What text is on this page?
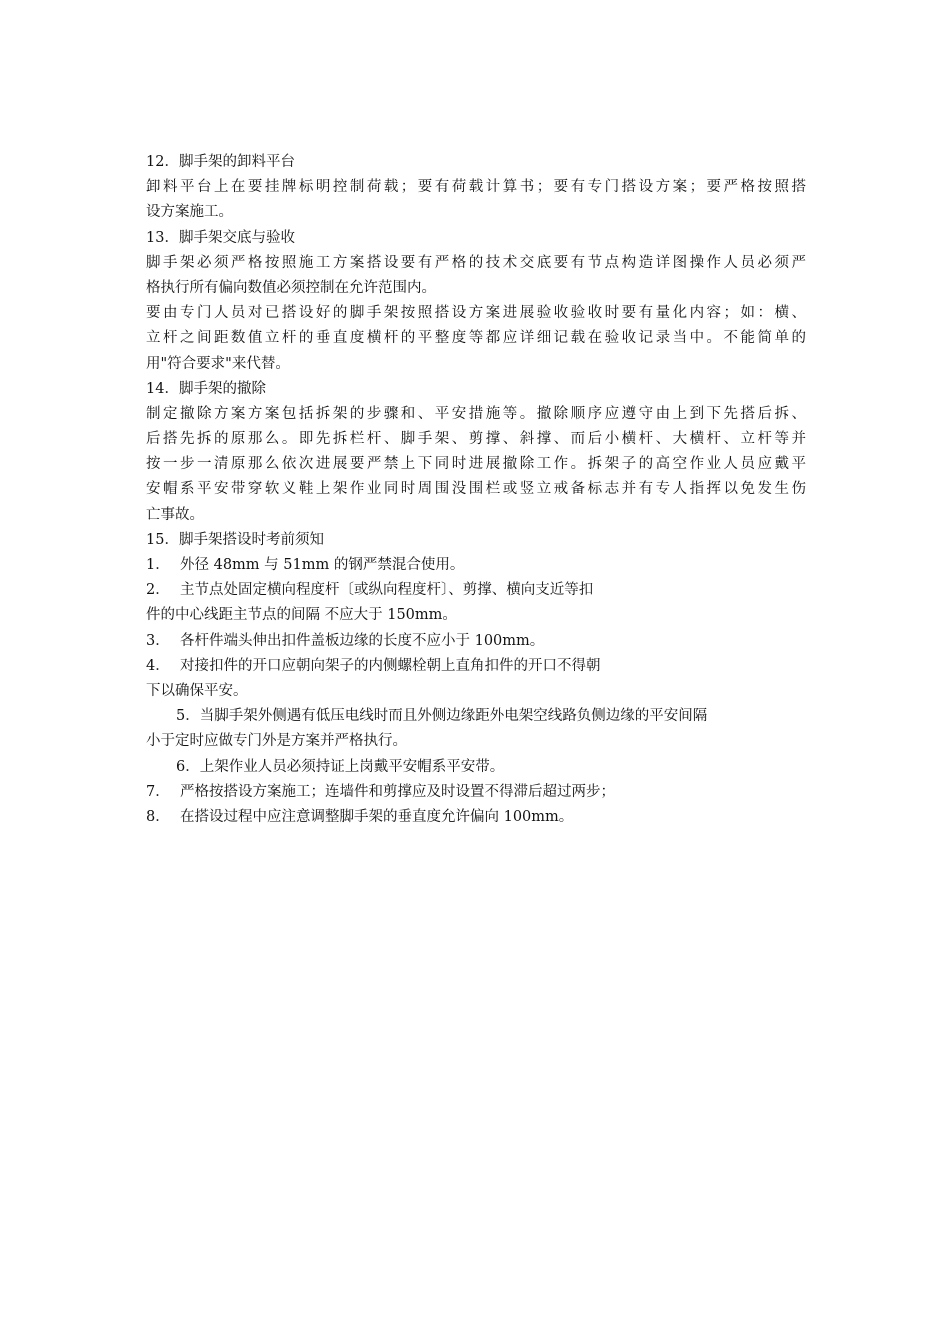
12．脚手架的卸料平台

卸料平台上在要挂牌标明控制荷载；要有荷载计算书；要有专门搭设方案；要严格按照搭

设方案施工。

13．脚手架交底与验收

脚手架必须严格按照施工方案搭设要有严格的技术交底要有节点构造详图操作人员必须严

格执行所有偏向数值必须控制在允许范围内。

要由专门人员对已搭设好的脚手架按照搭设方案进展验收验收时要有量化内容；如：横、

立杆之间距数值立杆的垂直度横杆的平整度等都应详细记载在验收记录当中。不能简单的

用"符合要求"来代替。

14．脚手架的撤除

制定撤除方案方案包括拆架的步骤和、平安措施等。撤除顺序应遵守由上到下先搭后拆、

后搭先拆的原那么。即先拆栏杆、脚手架、剪撑、斜撑、而后小横杆、大横杆、立杆等并

按一步一清原那么依次进展要严禁上下同时进展撤除工作。拆架子的高空作业人员应戴平

安帽系平安带穿软义鞋上架作业同时周围没围栏或竖立戒备标志并有专人指挥以免发生伤

亡事故。

15．脚手架搭设时考前须知

1． 外径 48mm 与 51mm 的钢严禁混合使用。

2． 主节点处固定横向程度杆〔或纵向程度杆〕、剪撑、横向支近等扣

件的中心线距主节点的间隔 不应大于 150mm。

3． 各杆件端头伸出扣件盖板边缘的长度不应小于 100mm。

4． 对接扣件的开口应朝向架子的内侧螺栓朝上直角扣件的开口不得朝

下以确保平安。

5．当脚手架外侧遇有低压电线时而且外侧边缘距外电架空线路负侧边缘的平安间隔

小于定时应做专门外是方案并严格执行。

6．上架作业人员必须持证上岗戴平安帽系平安带。

7． 严格按搭设方案施工；连墙件和剪撑应及时设置不得滞后超过两步；

8． 在搭设过程中应注意调整脚手架的垂直度允许偏向 100mm。
